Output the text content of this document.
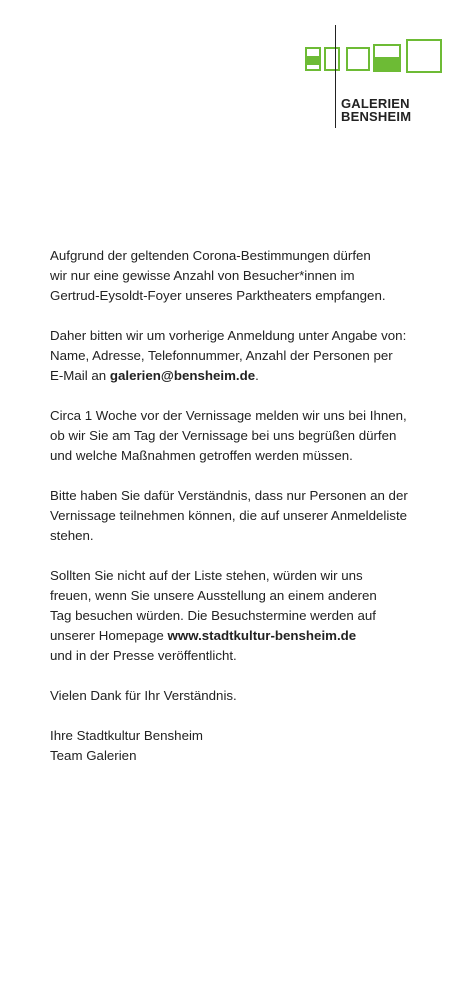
GALERIEN
BENSHEIM
Aufgrund der geltenden Corona-Bestimmungen dürfen
wir nur eine gewisse Anzahl von Besucher*innen im
Gertrud-Eysoldt-Foyer unseres Parktheaters empfangen.
Daher bitten wir um vorherige Anmeldung unter Angabe von:
Name, Adresse, Telefonnummer, Anzahl der Personen per
E-Mail an galerien@bensheim.de.
Circa 1 Woche vor der Vernissage melden wir uns bei Ihnen,
ob wir Sie am Tag der Vernissage bei uns begrüßen dürfen
und welche Maßnahmen getroffen werden müssen.
Bitte haben Sie dafür Verständnis, dass nur Personen an der
Vernissage teilnehmen können, die auf unserer Anmeldeliste
stehen.
Sollten Sie nicht auf der Liste stehen, würden wir uns
freuen, wenn Sie unsere Ausstellung an einem anderen
Tag besuchen würden. Die Besuchstermine werden auf
unserer Homepage www.stadtkultur-bensheim.de
und in der Presse veröffentlicht.
Vielen Dank für Ihr Verständnis.
Ihre Stadtkultur Bensheim
Team Galerien
